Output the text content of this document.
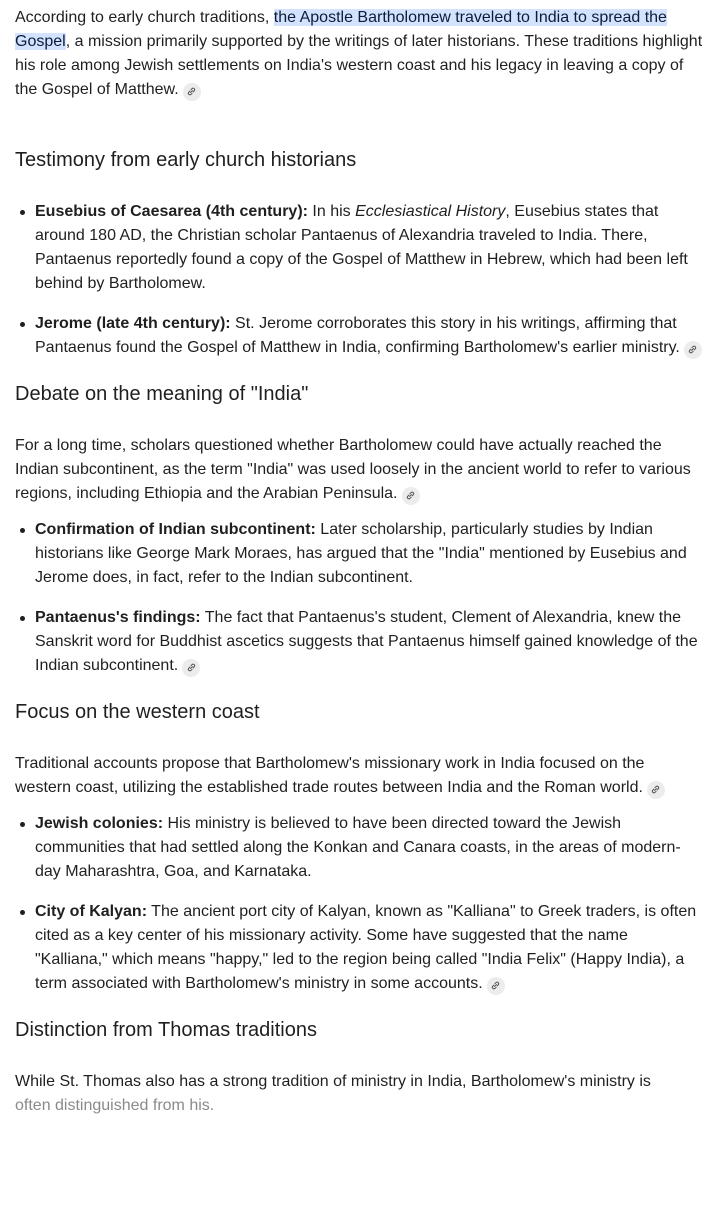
According to early church traditions, the Apostle Bartholomew traveled to India to spread the Gospel, a mission primarily supported by the writings of later historians. These traditions highlight his role among Jewish settlements on India's western coast and his legacy in leaving a copy of the Gospel of Matthew.

Testimony from early church historians
Eusebius of Caesarea (4th century): In his Ecclesiastical History, Eusebius states that around 180 AD, the Christian scholar Pantaenus of Alexandria traveled to India. There, Pantaenus reportedly found a copy of the Gospel of Matthew in Hebrew, which had been left behind by Bartholomew.
Jerome (late 4th century): St. Jerome corroborates this story in his writings, affirming that Pantaenus found the Gospel of Matthew in India, confirming Bartholomew's earlier ministry.
Debate on the meaning of "India"

For a long time, scholars questioned whether Bartholomew could have actually reached the Indian subcontinent, as the term "India" was used loosely in the ancient world to refer to various regions, including Ethiopia and the Arabian Peninsula.

Confirmation of Indian subcontinent: Later scholarship, particularly studies by Indian historians like George Mark Moraes, has argued that the "India" mentioned by Eusebius and Jerome does, in fact, refer to the Indian subcontinent.
Pantaenus's findings: The fact that Pantaenus's student, Clement of Alexandria, knew the Sanskrit word for Buddhist ascetics suggests that Pantaenus himself gained knowledge of the Indian subcontinent.
Focus on the western coast

Traditional accounts propose that Bartholomew's missionary work in India focused on the western coast, utilizing the established trade routes between India and the Roman world.

Jewish colonies: His ministry is believed to have been directed toward the Jewish communities that had settled along the Konkan and Canara coasts, in the areas of modern-day Maharashtra, Goa, and Karnataka.
City of Kalyan: The ancient port city of Kalyan, known as "Kalliana" to Greek traders, is often cited as a key center of his missionary activity. Some have suggested that the name "Kalliana," which means "happy," led to the region being called "India Felix" (Happy India), a term associated with Bartholomew's ministry in some accounts.
Distinction from Thomas traditions

While St. Thomas also has a strong tradition of ministry in India, Bartholomew's ministry is
often distinguished from his.
